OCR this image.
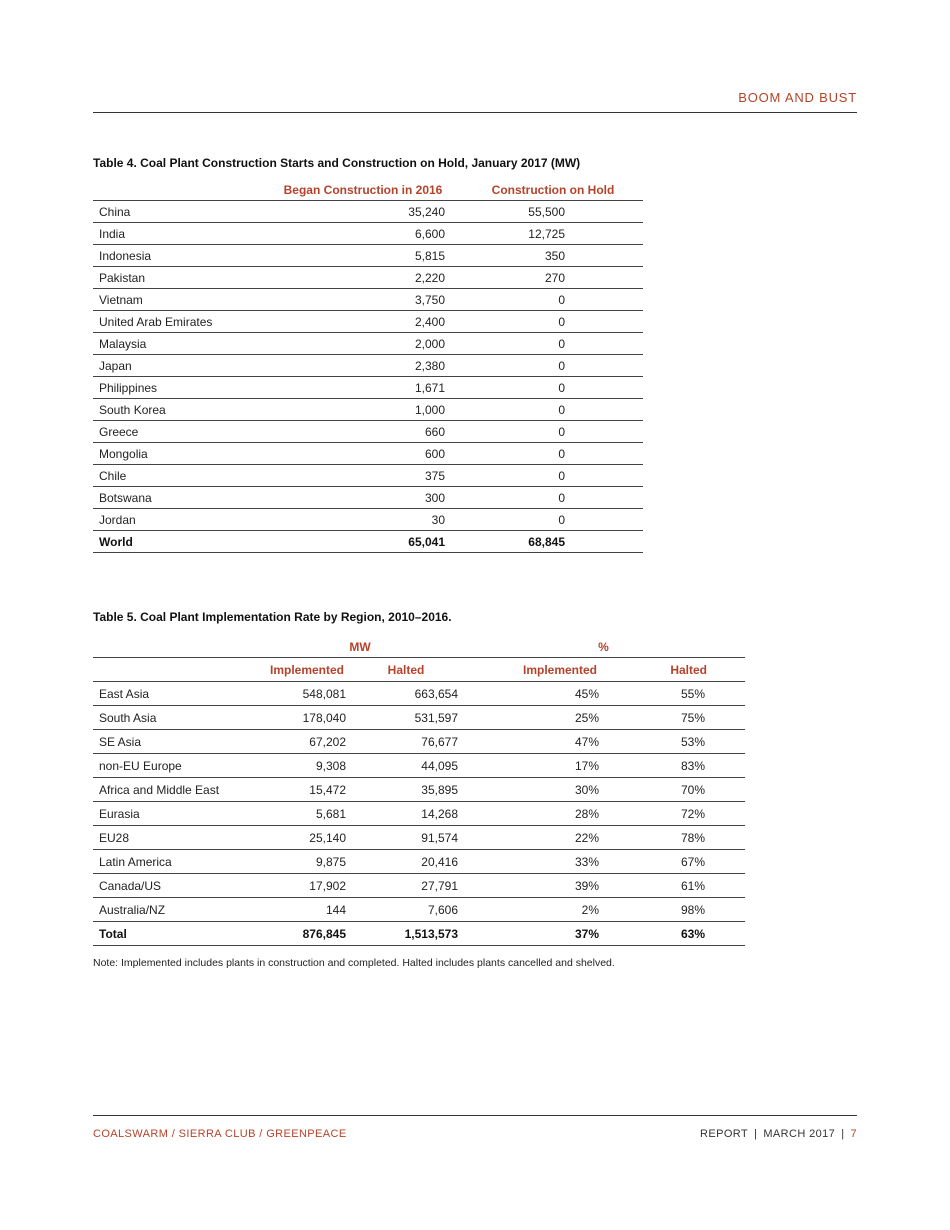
BOOM AND BUST
Table 4. Coal Plant Construction Starts and Construction on Hold, January 2017 (MW)
	Began Construction in 2016	Construction on Hold
China	35,240	55,500
India	6,600	12,725
Indonesia	5,815	350
Pakistan	2,220	270
Vietnam	3,750	0
United Arab Emirates	2,400	0
Malaysia	2,000	0
Japan	2,380	0
Philippines	1,671	0
South Korea	1,000	0
Greece	660	0
Mongolia	600	0
Chile	375	0
Botswana	300	0
Jordan	30	0
World	65,041	68,845
Table 5. Coal Plant Implementation Rate by Region, 2010–2016.
	MW		%	
	Implemented	Halted	Implemented	Halted
East Asia	548,081	663,654	45%	55%
South Asia	178,040	531,597	25%	75%
SE Asia	67,202	76,677	47%	53%
non-EU Europe	9,308	44,095	17%	83%
Africa and Middle East	15,472	35,895	30%	70%
Eurasia	5,681	14,268	28%	72%
EU28	25,140	91,574	22%	78%
Latin America	9,875	20,416	33%	67%
Canada/US	17,902	27,791	39%	61%
Australia/NZ	144	7,606	2%	98%
Total	876,845	1,513,573	37%	63%
Note: Implemented includes plants in construction and completed. Halted includes plants cancelled and shelved.
COALSWARM / SIERRA CLUB / GREENPEACE	REPORT | MARCH 2017 | 7
